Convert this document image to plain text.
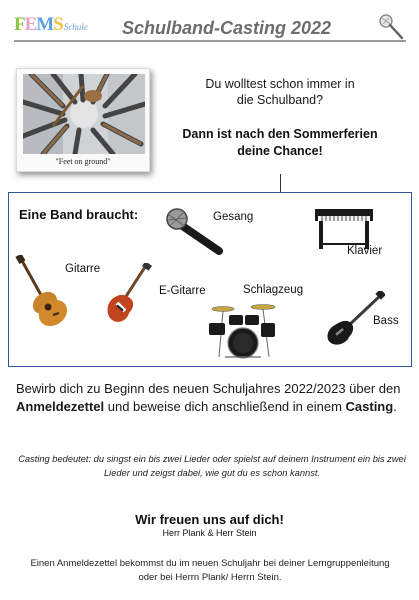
FEMS Schule Schulband-Casting 2022
"Feet on ground"
Du wolltest schon immer in
die Schulband?
Dann ist nach den Sommerferien
deine Chance!
Eine Band braucht:	Gesang
Klavier
Gitarre
E-Gitarre	Schlagzeug
Bass
Bewirb dich zu Beginn des neuen Schuljahres 2022/2023 über den Anmeldezettel und beweise dich anschließend in einem Casting.
Casting bedeutet: du singst ein bis zwei Lieder oder spielst auf deinem Instrument ein bis zwei Lieder und zeigst dabei, wie gut du es schon kannst.
Wir freuen uns auf dich!
Herr Plank & Herr Stein
Einen Anmeldezettel bekommst du im neuen Schuljahr bei deiner Lerngruppenleitung oder bei Herrn Plank/ Herrn Stein.
